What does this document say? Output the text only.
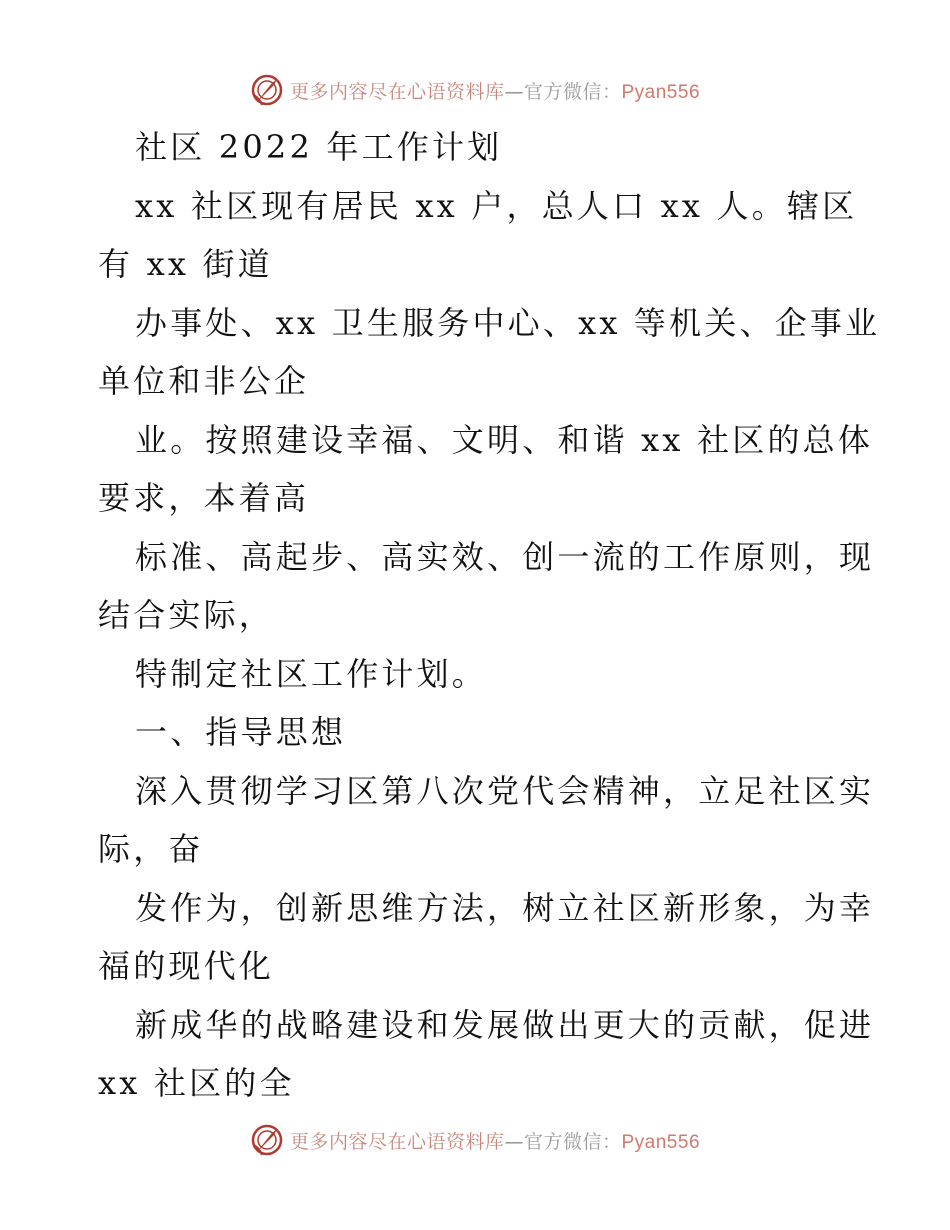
更多内容尽在心语资料库—官方微信：Pyan556
社区 2022 年工作计划
xx 社区现有居民 xx 户，总人口 xx 人。辖区
有 xx 街道
办事处、xx 卫生服务中心、xx 等机关、企事业
单位和非公企
业。按照建设幸福、文明、和谐 xx 社区的总体
要求，本着高
标准、高起步、高实效、创一流的工作原则，现
结合实际，
特制定社区工作计划。
一、指导思想
深入贯彻学习区第八次党代会精神，立足社区实
际，奋
发作为，创新思维方法，树立社区新形象，为幸
福的现代化
新成华的战略建设和发展做出更大的贡献，促进
xx 社区的全
更多内容尽在心语资料库—官方微信：Pyan556
